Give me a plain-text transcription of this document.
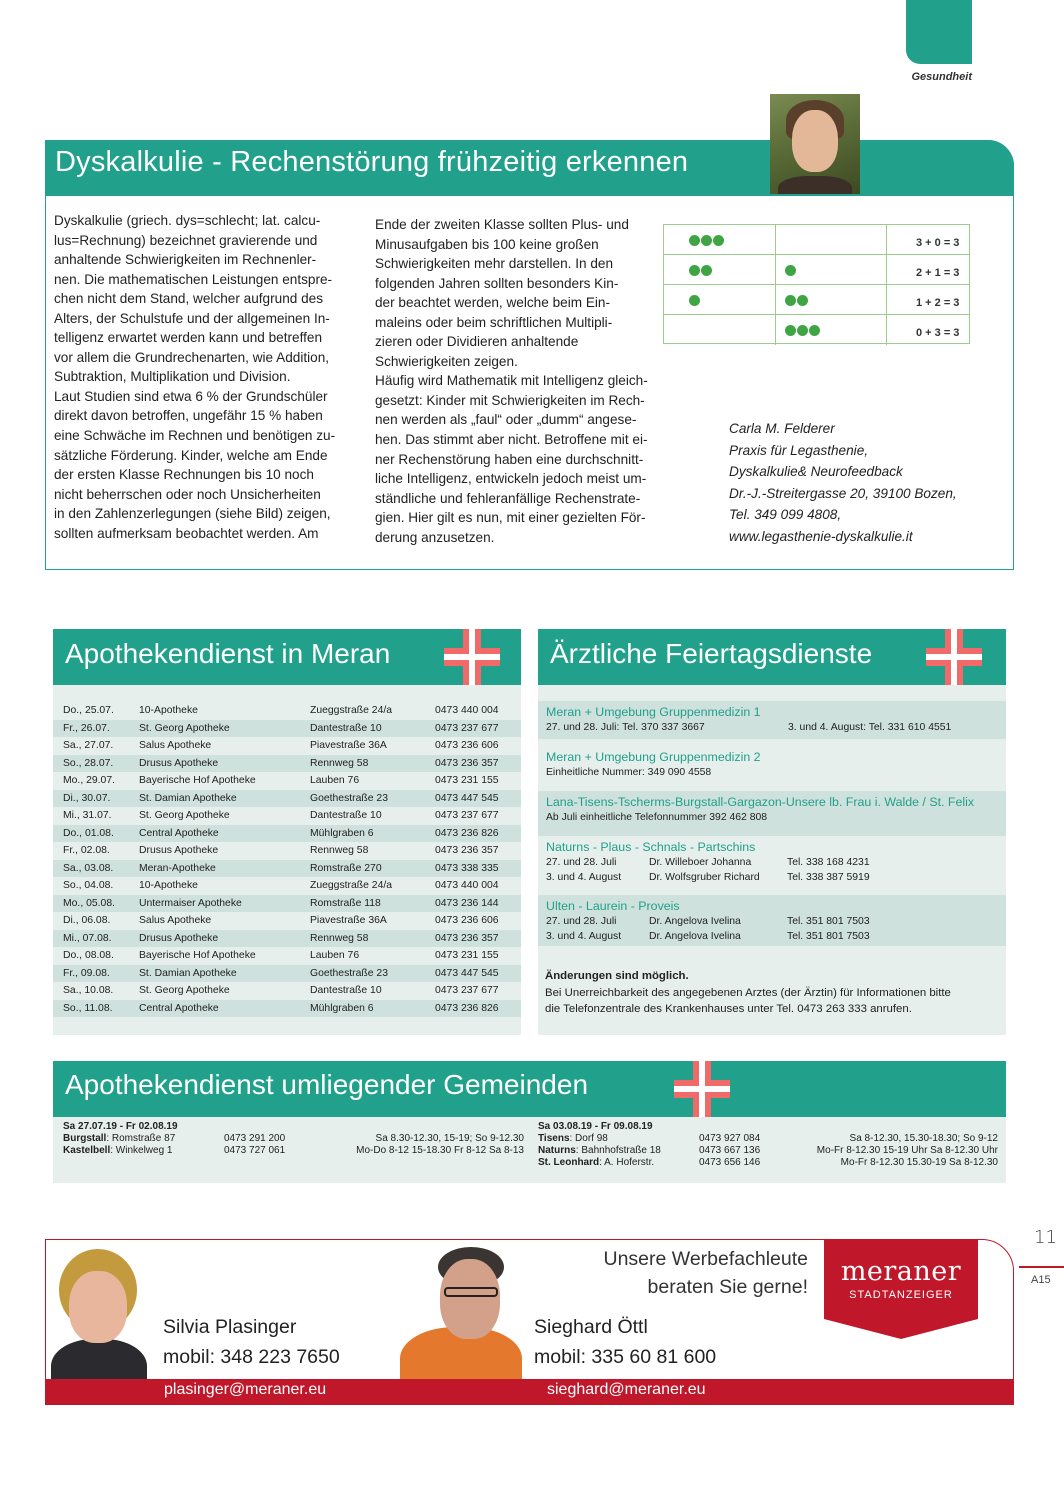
Gesundheit
Dyskalkulie - Rechenstörung frühzeitig erkennen

Dyskalkulie (griech. dys=schlecht; lat. calcu-

lus=Rechnung) bezeichnet gravierende und

anhaltende Schwierigkeiten im Rechnenler-

nen. Die mathematischen Leistungen entspre-

chen nicht dem Stand, welcher aufgrund des

Alters, der Schulstufe und der allgemeinen In-

telligenz erwartet werden kann und betreffen

vor allem die Grundrechenarten, wie Addition,

Subtraktion, Multiplikation und Division.

Laut Studien sind etwa 6 % der Grundschüler

direkt davon betroffen, ungefähr 15 % haben

eine Schwäche im Rechnen und benötigen zu-

sätzliche Förderung. Kinder, welche am Ende

der ersten Klasse Rechnungen bis 10 noch

nicht beherrschen oder noch Unsicherheiten

in den Zahlenzerlegungen (siehe Bild) zeigen,

sollten aufmerksam beobachtet werden. Am

Ende der zweiten Klasse sollten Plus- und

Minusaufgaben bis 100 keine großen

Schwierigkeiten mehr darstellen. In den

folgenden Jahren sollten besonders Kin-

der beachtet werden, welche beim Ein-

maleins oder beim schriftlichen Multipli-

zieren oder Dividieren anhaltende

Schwierigkeiten zeigen.

Häufig wird Mathematik mit Intelligenz gleich-

gesetzt: Kinder mit Schwierigkeiten im Rech-

nen werden als „faul“ oder „dumm“ angese-

hen. Das stimmt aber nicht. Betroffene mit ei-

ner Rechenstörung haben eine durchschnitt-

liche Intelligenz, entwickeln jedoch meist um-

ständliche und fehleranfällige Rechenstrate-

gien. Hier gilt es nun, mit einer gezielten För-

derung anzusetzen.

3 + 0 = 3
2 + 1 = 3
1 + 2 = 3
0 + 3 = 3
Carla M. Felderer
Praxis für Legasthenie,
Dyskalkulie& Neurofeedback
Dr.-J.-Streitergasse 20, 39100 Bozen,
Tel. 349 099 4808,
www.legasthenie-dyskalkulie.it
Apothekendienst in Meran
Do., 25.07.	10-Apotheke	Zueggstraße 24/a	0473 440 004
Fr., 26.07.	St. Georg Apotheke	Dantestraße 10	0473 237 677
Sa., 27.07.	Salus Apotheke	Piavestraße 36A	0473 236 606
So., 28.07.	Drusus Apotheke	Rennweg 58	0473 236 357
Mo., 29.07.	Bayerische Hof Apotheke	Lauben 76	0473 231 155
Di., 30.07.	St. Damian Apotheke	Goethestraße 23	0473 447 545
Mi., 31.07.	St. Georg Apotheke	Dantestraße 10	0473 237 677
Do., 01.08.	Central Apotheke	Mühlgraben 6	0473 236 826
Fr., 02.08.	Drusus Apotheke	Rennweg 58	0473 236 357
Sa., 03.08.	Meran-Apotheke	Romstraße 270	0473 338 335
So., 04.08.	10-Apotheke	Zueggstraße 24/a	0473 440 004
Mo., 05.08.	Untermaiser Apotheke	Romstraße 118	0473 236 144
Di., 06.08.	Salus Apotheke	Piavestraße 36A	0473 236 606
Mi., 07.08.	Drusus Apotheke	Rennweg 58	0473 236 357
Do., 08.08.	Bayerische Hof Apotheke	Lauben 76	0473 231 155
Fr., 09.08.	St. Damian Apotheke	Goethestraße 23	0473 447 545
Sa., 10.08.	St. Georg Apotheke	Dantestraße 10	0473 237 677
So., 11.08.	Central Apotheke	Mühlgraben 6	0473 236 826
Ärztliche Feiertagsdienste
Meran + Umgebung Gruppenmedizin 1
27. und 28. Juli: Tel. 370 337 3667	3. und 4. August: Tel. 331 610 4551
Meran + Umgebung Gruppenmedizin 2
Einheitliche Nummer: 349 090 4558
Lana-Tisens-Tscherms-Burgstall-Gargazon-Unsere lb. Frau i. Walde / St. Felix
Ab Juli einheitliche Telefonnummer 392 462 808
Naturns - Plaus - Schnals - Partschins
27. und 28. Juli	Dr. Willeboer Johanna	Tel. 338 168 4231
3. und 4. August	Dr. Wolfsgruber Richard	Tel. 338 387 5919
Ulten - Laurein - Proveis
27. und 28. Juli	Dr. Angelova Ivelina	Tel. 351 801 7503
3. und 4. August	Dr. Angelova Ivelina	Tel. 351 801 7503
Änderungen sind möglich.
Bei Unerreichbarkeit des angegebenen Arztes (der Ärztin) für Informationen bitte
die Telefonzentrale des Krankenhauses unter Tel. 0473 263 333 anrufen.
Apothekendienst umliegender Gemeinden
Sa 27.07.19 - Fr 02.08.19
Burgstall: Romstraße 87	0473 291 200	Sa 8.30-12.30, 15-19; So 9-12.30
Kastelbell: Winkelweg 1	0473 727 061	Mo-Do 8-12 15-18.30 Fr 8-12 Sa 8-13
Sa 03.08.19 - Fr 09.08.19
Tisens: Dorf 98	0473 927 084	Sa 8-12.30, 15.30-18.30; So 9-12
Naturns: Bahnhofstraße 18	0473 667 136	Mo-Fr 8-12.30 15-19 Uhr Sa 8-12.30 Uhr
St. Leonhard: A. Hoferstr.	0473 656 146	Mo-Fr 8-12.30 15.30-19 Sa 8-12.30
Unsere Werbefachleute
beraten Sie gerne!	meraner
STADTANZEIGER
Silvia Plasinger
mobil: 348 223 7650
plasinger@meraner.eu
Sieghard Öttl
mobil: 335 60 81 600
sieghard@meraner.eu
11
A15
